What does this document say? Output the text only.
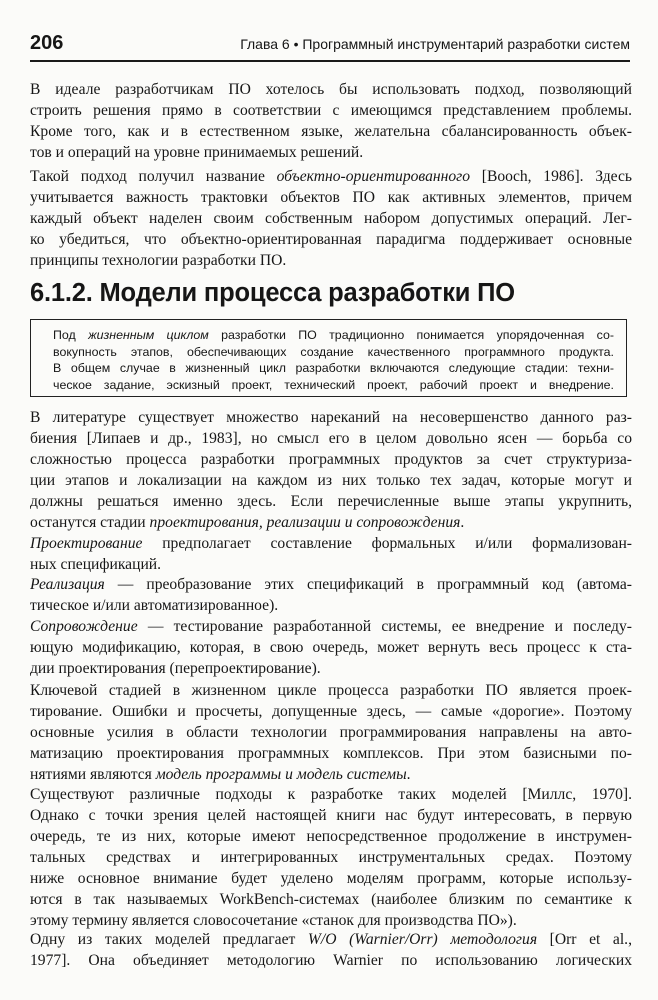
206	Глава 6 • Программный инструментарий разработки систем
В идеале разработчикам ПО хотелось бы использовать подход, позволяющий
строить решения прямо в соответствии с имеющимся представлением проблемы.
Кроме того, как и в естественном языке, желательна сбалансированность объек-
тов и операций на уровне принимаемых решений.
Такой подход получил название объектно-ориентированного [Booch, 1986]. Здесь
учитывается важность трактовки объектов ПО как активных элементов, причем
каждый объект наделен своим собственным набором допустимых операций. Лег-
ко убедиться, что объектно-ориентированная парадигма поддерживает основные
принципы технологии разработки ПО.
6.1.2. Модели процесса разработки ПО
Под жизненным циклом разработки ПО традиционно понимается упорядоченная со-
вокупность этапов, обеспечивающих создание качественного программного продукта.
В общем случае в жизненный цикл разработки включаются следующие стадии: техни-
ческое задание, эскизный проект, технический проект, рабочий проект и внедрение.
В литературе существует множество нареканий на несовершенство данного раз-
биения [Липаев и др., 1983], но смысл его в целом довольно ясен — борьба со
сложностью процесса разработки программных продуктов за счет структуриза-
ции этапов и локализации на каждом из них только тех задач, которые могут и
должны решаться именно здесь. Если перечисленные выше этапы укрупнить,
останутся стадии проектирования, реализации и сопровождения.
Проектирование предполагает составление формальных и/или формализован-
ных спецификаций.
Реализация — преобразование этих спецификаций в программный код (автома-
тическое и/или автоматизированное).
Сопровождение — тестирование разработанной системы, ее внедрение и последу-
ющую модификацию, которая, в свою очередь, может вернуть весь процесс к ста-
дии проектирования (перепроектирование).
Ключевой стадией в жизненном цикле процесса разработки ПО является проек-
тирование. Ошибки и просчеты, допущенные здесь, — самые «дорогие». Поэтому
основные усилия в области технологии программирования направлены на авто-
матизацию проектирования программных комплексов. При этом базисными по-
нятиями являются модель программы и модель системы.
Существуют различные подходы к разработке таких моделей [Миллс, 1970].
Однако с точки зрения целей настоящей книги нас будут интересовать, в первую
очередь, те из них, которые имеют непосредственное продолжение в инструмен-
тальных средствах и интегрированных инструментальных средах. Поэтому
ниже основное внимание будет уделено моделям программ, которые использу-
ются в так называемых WorkBench-системах (наиболее близким по семантике к
этому термину является словосочетание «станок для производства ПО»).
Одну из таких моделей предлагает W/O (Warnier/Orr) методология [Orr et al.,
1977]. Она объединяет методологию Warnier по использованию логических
